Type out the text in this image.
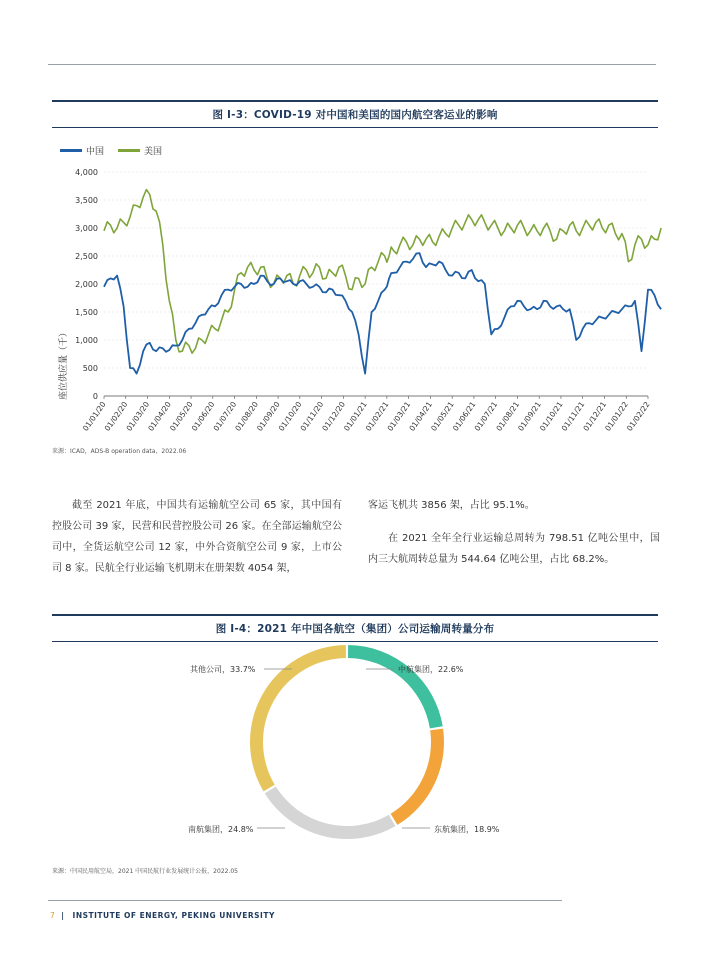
图 I-3：COVID-19 对中国和美国的国内航空客运业的影响
中国	美国
0
500
1,000
1,500
2,000
2,500
3,000
3,500
4,000
01/01/20
01/02/20
01/03/20
01/04/20
01/05/20
01/06/20
01/07/20
01/08/20
01/09/20
01/10/20
01/11/20
01/12/20
01/01/21
01/02/21
01/03/21
01/04/21
01/05/21
01/06/21
01/07/21
01/08/21
01/09/21
01/10/21
01/11/21
01/12/21
01/01/22
01/02/22
座位供应量（千）
来源：ICAD，ADS-B operation data，2022.06
截至 2021 年底，中国共有运输航空公司 65 家，其中国有控股公司 39 家，民营和民营控股公司 26 家。在全部运输航空公司中，全货运航空公司 12 家，中外合资航空公司 9 家，上市公司 8 家。民航全行业运输飞机期末在册架数 4054 架，
客运飞机共 3856 架，占比 95.1%。
在 2021 全年全行业运输总周转为 798.51 亿吨公里中，国内三大航周转总量为 544.64 亿吨公里，占比 68.2%。
图 I-4：2021 年中国各航空（集团）公司运输周转量分布
中航集团，22.6%
东航集团，18.9%
南航集团，24.8%
其他公司，33.7%
来源：中国民用航空局，2021 中国民航行业发展统计公报，2022.05
7 | INSTITUTE OF ENERGY, PEKING UNIVERSITY
